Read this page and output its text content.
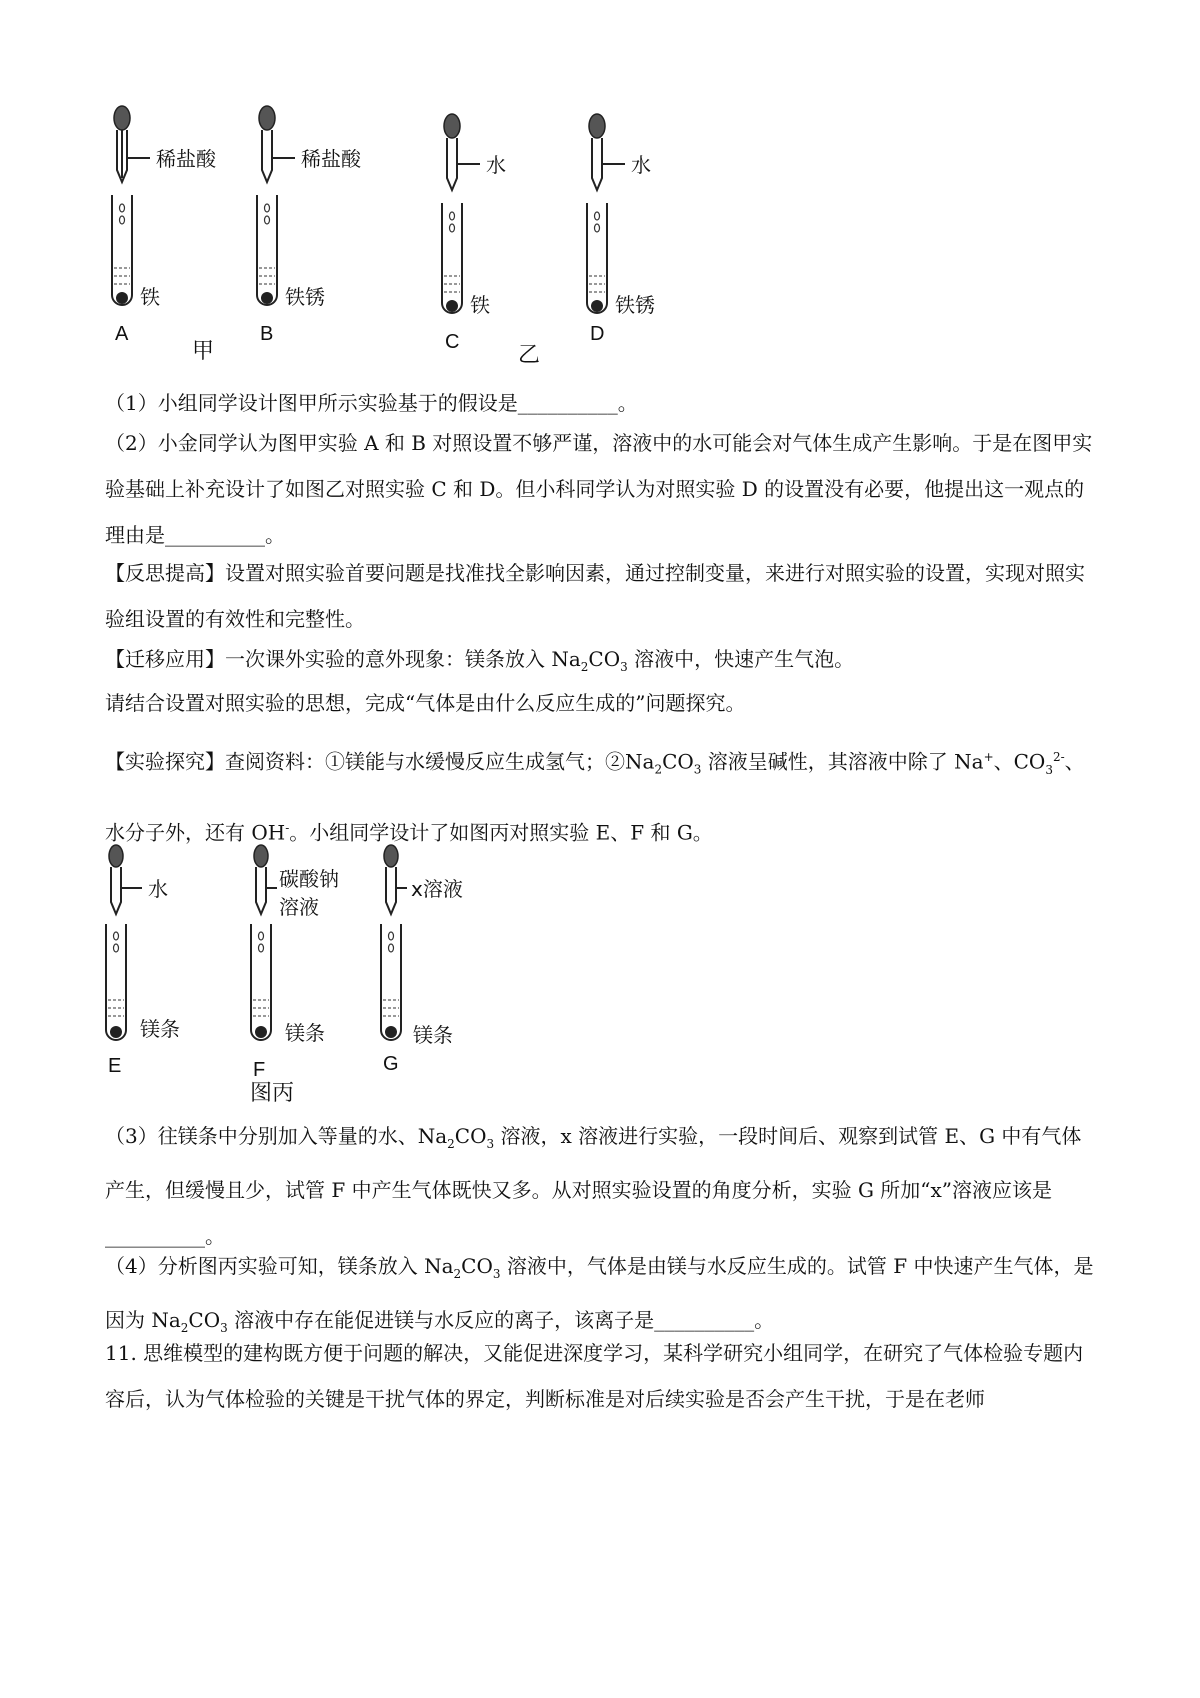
稀盐酸
铁
A
稀盐酸
铁锈
B
甲
水
铁
C
水
铁锈
D
乙
（1）小组同学设计图甲所示实验基于的假设是__________。
（2）小金同学认为图甲实验 A 和 B 对照设置不够严谨，溶液中的水可能会对气体生成产生影响。于是在图甲实验基础上补充设计了如图乙对照实验 C 和 D。但小科同学认为对照实验 D 的设置没有必要，他提出这一观点的理由是__________。
【反思提高】设置对照实验首要问题是找准找全影响因素，通过控制变量，来进行对照实验的设置，实现对照实验组设置的有效性和完整性。
【迁移应用】一次课外实验的意外现象：镁条放入 $Na_2CO_3$ 溶液中，快速产生气泡。
请结合设置对照实验的思想，完成“气体是由什么反应生成的”问题探究。
【实验探究】查阅资料：①镁能与水缓慢反应生成氢气；$②Na_2CO_3$ 溶液呈碱性，其溶液中除了 Na+、$CO_3^{2-}$、
水分子外，还有 OH-。小组同学设计了如图丙对照实验 E、F 和 G。
水
镁条
E
碳酸钠
溶液
镁条
F
图丙
x溶液
镁条
G
（3）往镁条中分别加入等量的水、$Na_2CO_3$ 溶液，x 溶液进行实验，一段时间后、观察到试管 E、G 中有气体产生，但缓慢且少，试管 F 中产生气体既快又多。从对照实验设置的角度分析，实验 G 所加“x”溶液应该是__________。
（4）分析图丙实验可知，镁条放入 $Na_2CO_3$ 溶液中，气体是由镁与水反应生成的。试管 F 中快速产生气体，是因为 $Na_2CO_3$ 溶液中存在能促进镁与水反应的离子，该离子是__________。
11. 思维模型的建构既方便于问题的解决，又能促进深度学习，某科学研究小组同学，在研究了气体检验专题内容后，认为气体检验的关键是干扰气体的界定，判断标准是对后续实验是否会产生干扰，于是在老师
